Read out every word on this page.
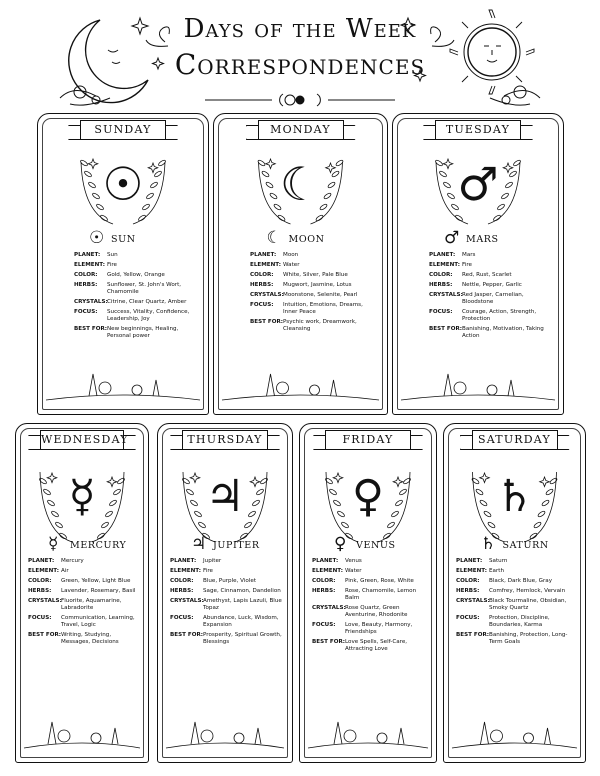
Days of the Week
Correspondences
SUNDAY
☉
☉ SUN
PLANET:	Sun
ELEMENT: Fire
COLOR:	Gold, Yellow, Orange
HERBS:	Sunflower, St. John's Wort, Chamomile
CRYSTALS: Citrine, Clear Quartz, Amber
FOCUS:	Success, Vitality, Confidence, Leadership, Joy
BEST FOR: New beginnings, Healing, Personal power
MONDAY
☾
☾ MOON
PLANET:	Moon
ELEMENT: Water
COLOR:	White, Silver, Pale Blue
HERBS:	Mugwort, Jasmine, Lotus
CRYSTALS: Moonstone, Selenite, Pearl
FOCUS:	Intuition, Emotions, Dreams, Inner Peace
BEST FOR: Psychic work, Dreamwork, Cleansing
TUESDAY
♂
♂ MARS
PLANET:	Mars
ELEMENT: Fire
COLOR:	Red, Rust, Scarlet
HERBS:	Nettle, Pepper, Garlic
CRYSTALS: Red Jasper, Carnelian, Bloodstone
FOCUS:	Courage, Action, Strength, Protection
BEST FOR: Banishing, Motivation, Taking Action
WEDNESDAY
☿
☿ MERCURY
PLANET:	Mercury
ELEMENT: Air
COLOR:	Green, Yellow, Light Blue
HERBS:	Lavender, Rosemary, Basil
CRYSTALS: Fluorite, Aquamarine, Labradorite
FOCUS:	Communication, Learning, Travel, Logic
BEST FOR: Writing, Studying, Messages, Decisions
THURSDAY
♃
♃ JUPITER
PLANET:	Jupiter
ELEMENT: Fire
COLOR:	Blue, Purple, Violet
HERBS:	Sage, Cinnamon, Dandelion
CRYSTALS: Amethyst, Lapis Lazuli, Blue Topaz
FOCUS:	Abundance, Luck, Wisdom, Expansion
BEST FOR: Prosperity, Spiritual Growth, Blessings
FRIDAY
♀
♀ VENUS
PLANET:	Venus
ELEMENT: Water
COLOR:	Pink, Green, Rose, White
HERBS:	Rose, Chamomile, Lemon Balm
CRYSTALS: Rose Quartz, Green Aventurine, Rhodonite
FOCUS:	Love, Beauty, Harmony, Friendships
BEST FOR: Love Spells, Self-Care, Attracting Love
SATURDAY
♄
♄ SATURN
PLANET:	Saturn
ELEMENT: Earth
COLOR:	Black, Dark Blue, Gray
HERBS:	Comfrey, Hemlock, Vervain
CRYSTALS: Black Tourmaline, Obsidian, Smoky Quartz
FOCUS:	Protection, Discipline, Boundaries, Karma
BEST FOR: Banishing, Protection, Long-Term Goals
